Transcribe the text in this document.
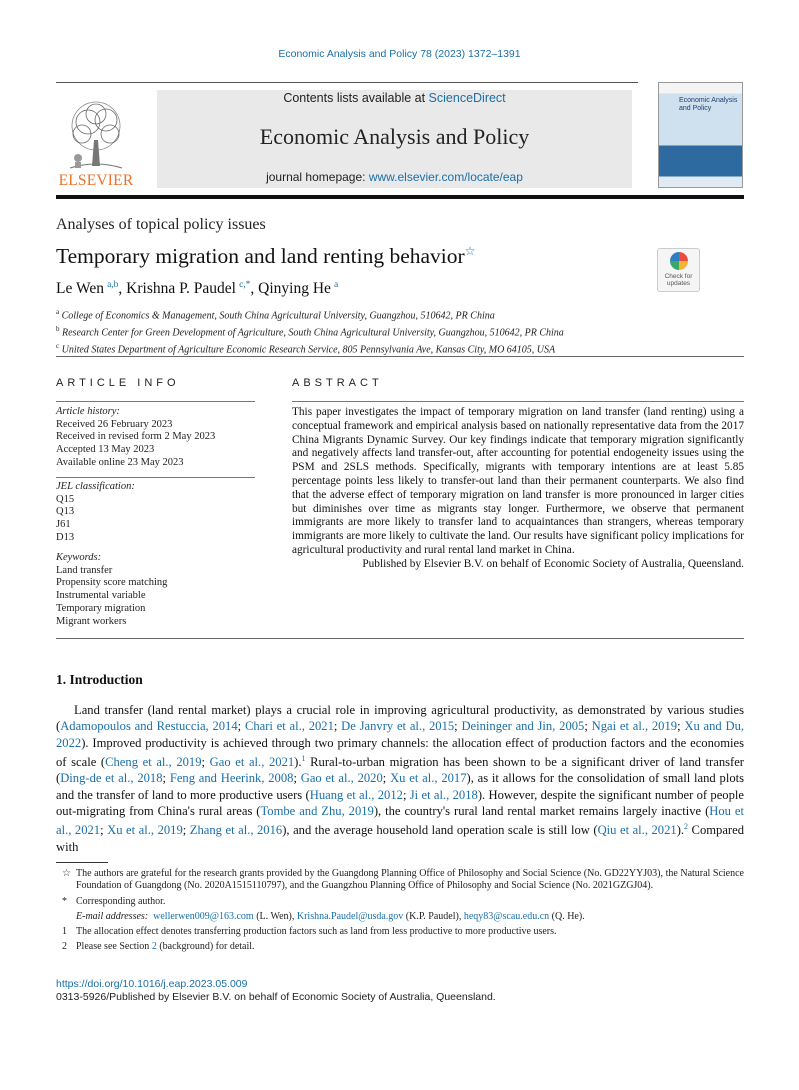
Economic Analysis and Policy 78 (2023) 1372–1391
ELSEVIER
Contents lists available at ScienceDirect
Economic Analysis and Policy
journal homepage: www.elsevier.com/locate/eap
Economic Analysis and Policy
Analyses of topical policy issues
Temporary migration and land renting behavior☆
Check for
updates
Le Wen  $^{a,b}$, Krishna P. Paudel  $^{c,*}$, Qinying He  $^a$
$^a$ College of Economics & Management, South China Agricultural University, Guangzhou, 510642, PR China
$^b$ Research Center for Green Development of Agriculture, South China Agricultural University, Guangzhou, 510642, PR China
$^c$ United States Department of Agriculture Economic Research Service, 805 Pennsylvania Ave, Kansas City, MO 64105, USA
ARTICLE INFO	ABSTRACT
Article history:
Received 26 February 2023
Received in revised form 2 May 2023
Accepted 13 May 2023
Available online 23 May 2023
JEL classification:
Q15
Q13
J61
D13
Keywords:
Land transfer
Propensity score matching
Instrumental variable
Temporary migration
Migrant workers
This paper investigates the impact of temporary migration on land transfer (land renting) using a conceptual framework and empirical analysis based on nationally representative data from the 2017 China Migrants Dynamic Survey. Our key findings indicate that temporary migration significantly and negatively affects land transfer-out, after accounting for potential endogeneity issues using the PSM and 2SLS methods. Specifically, migrants with temporary intentions are at least 5.85 percentage points less likely to transfer-out land than their permanent counterparts. We also find that the adverse effect of temporary migration on land transfer is more pronounced in larger cities but diminishes over time as migrants stay longer. Furthermore, we observe that permanent immigrants are more likely to transfer land to acquaintances than strangers, whereas temporary immigrants are more likely to cultivate the land. Our results have significant policy implications for agricultural productivity and rural rental land market in China.
Published by Elsevier B.V. on behalf of Economic Society of Australia, Queensland.
1. Introduction
Land transfer (land rental market) plays a crucial role in improving agricultural productivity, as demonstrated by various studies (Adamopoulos and Restuccia, 2014; Chari et al., 2021; De Janvry et al., 2015; Deininger and Jin, 2005; Ngai et al., 2019; Xu and Du, 2022). Improved productivity is achieved through two primary channels: the allocation effect of production factors and the economies of scale (Cheng et al., 2019; Gao et al., 2021).$^1$ Rural-to-urban migration has been shown to be a significant driver of land transfer (Ding-de et al., 2018; Feng and Heerink, 2008; Gao et al., 2020; Xu et al., 2017), as it allows for the consolidation of small land plots and the transfer of land to more productive users (Huang et al., 2012; Ji et al., 2018). However, despite the significant number of people out-migrating from China's rural areas (Tombe and Zhu, 2019), the country's rural land rental market remains largely inactive (Hou et al., 2021; Xu et al., 2019; Zhang et al., 2016), and the average household land operation scale is still low (Qiu et al., 2021).$^2$ Compared with
☆ The authors are grateful for the research grants provided by the Guangdong Planning Office of Philosophy and Social Science (No. GD22YYJ03), the Natural Science Foundation of Guangdong (No. 2020A1515110797), and the Guangzhou Planning Office of Philosophy and Social Science (No. 2021GZGJ04).
* Corresponding author.
E-mail addresses: wellerwen009@163.com (L. Wen), Krishna.Paudel@usda.gov (K.P. Paudel), heqy83@scau.edu.cn (Q. He).
1 The allocation effect denotes transferring production factors such as land from less productive to more productive users.
2 Please see Section 2 (background) for detail.
https://doi.org/10.1016/j.eap.2023.05.009
0313-5926/Published by Elsevier B.V. on behalf of Economic Society of Australia, Queensland.
